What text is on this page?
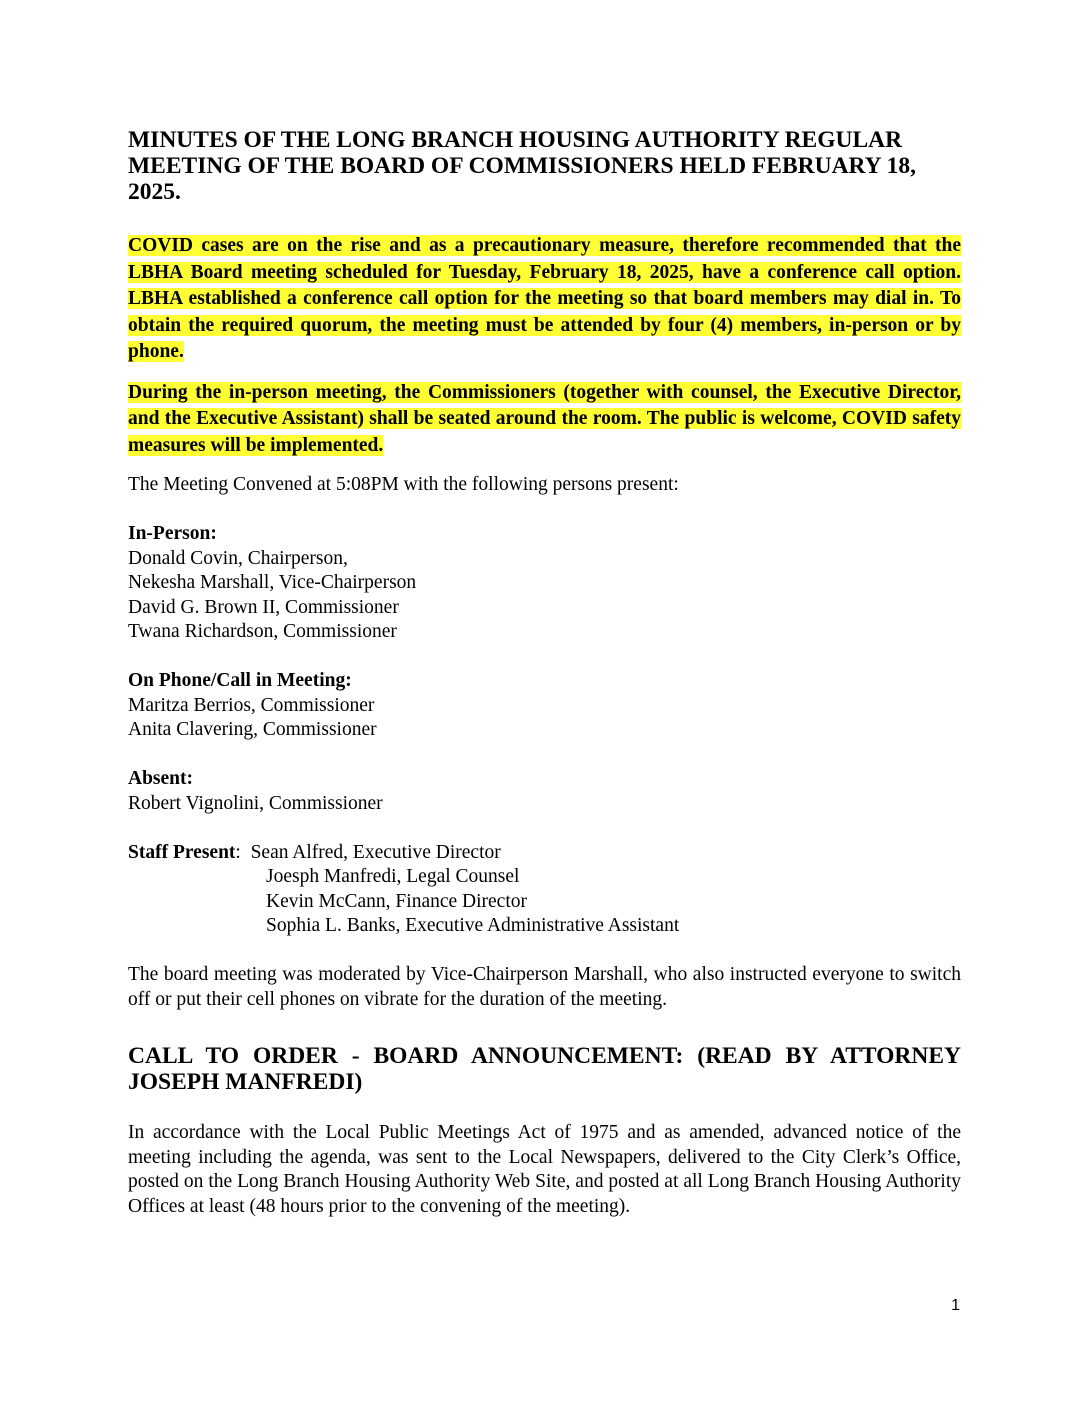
MINUTES OF THE LONG BRANCH HOUSING AUTHORITY REGULAR MEETING OF THE BOARD OF COMMISSIONERS HELD FEBRUARY 18, 2025.

COVID cases are on the rise and as a precautionary measure, therefore recommended that the LBHA Board meeting scheduled for Tuesday, February 18, 2025, have a conference call option. LBHA established a conference call option for the meeting so that board members may dial in. To obtain the required quorum, the meeting must be attended by four (4) members, in-person or by phone.

During the in-person meeting, the Commissioners (together with counsel, the Executive Director, and the Executive Assistant) shall be seated around the room. The public is welcome, COVID safety measures will be implemented.

The Meeting Convened at 5:08PM with the following persons present:

In-Person:
Donald Covin, Chairperson,
Nekesha Marshall, Vice-Chairperson
David G. Brown II, Commissioner
Twana Richardson, Commissioner
On Phone/Call in Meeting:
Maritza Berrios, Commissioner
Anita Clavering, Commissioner
Absent:
Robert Vignolini, Commissioner
Staff Present:  Sean Alfred, Executive Director
Joesph Manfredi, Legal Counsel
Kevin McCann, Finance Director
Sophia L. Banks, Executive Administrative Assistant

The board meeting was moderated by Vice-Chairperson Marshall, who also instructed everyone to switch off or put their cell phones on vibrate for the duration of the meeting.

CALL TO ORDER - BOARD ANNOUNCEMENT: (READ BY ATTORNEY JOSEPH MANFREDI)

In accordance with the Local Public Meetings Act of 1975 and as amended, advanced notice of the meeting including the agenda, was sent to the Local Newspapers, delivered to the City Clerk’s Office, posted on the Long Branch Housing Authority Web Site, and posted at all Long Branch Housing Authority Offices at least (48 hours prior to the convening of the meeting).

1
